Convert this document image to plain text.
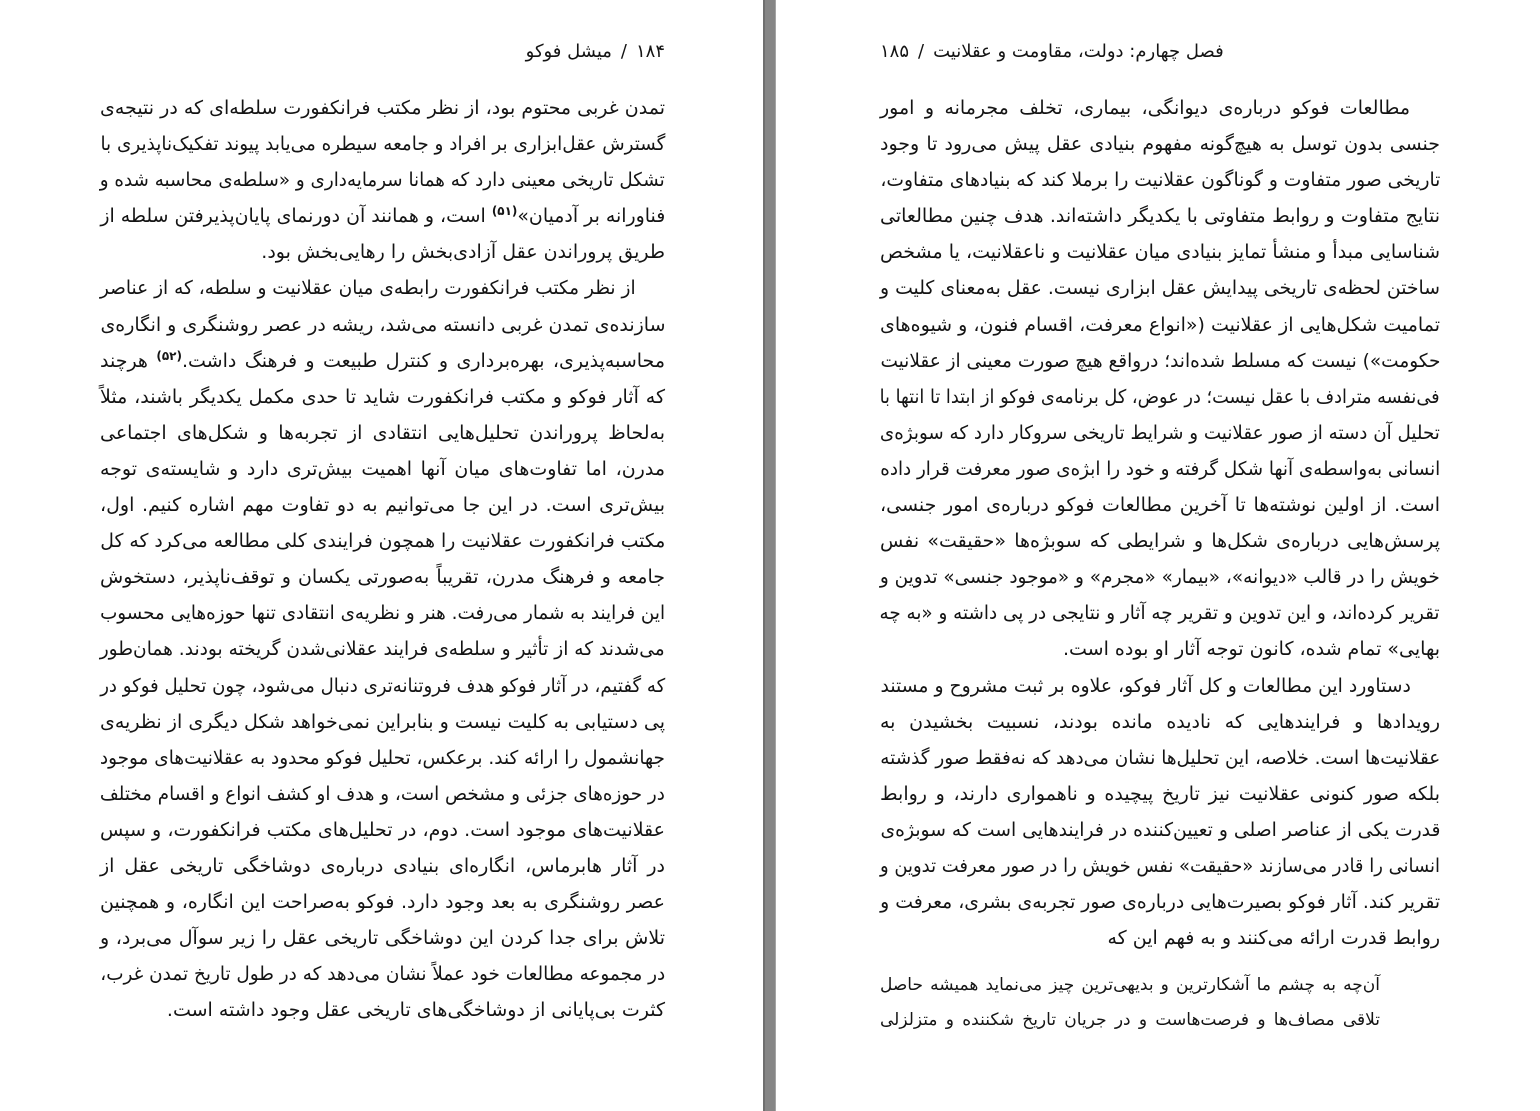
۱۸۴/میشل فوکو
تمدن غربی محتوم بود، از نظر مکتب فرانکفورت سلطه‌ای که در نتیجه‌ی
گسترش عقل‌ابزاری بر افراد و جامعه سیطره می‌یابد پیوند تفکیک‌ناپذیری با
تشکل تاریخی معینی دارد که همانا سرمایه‌داری و «سلطه‌ی محاسبه شده و
فناورانه بر آدمیان»$^{(۵۱)}$ است، و همانند آن دورنمای پایان‌پذیرفتن سلطه از
طریق پروراندن عقل آزادی‌بخش را رهایی‌بخش بود.
از نظر مکتب فرانکفورت رابطه‌ی میان عقلانیت و سلطه، که از عناصر
سازنده‌ی تمدن غربی دانسته می‌شد، ریشه در عصر روشنگری و انگاره‌ی
محاسبه‌پذیری، بهره‌برداری و کنترل طبیعت و فرهنگ داشت.$^{(۵۲)}$ هرچند
که آثار فوکو و مکتب فرانکفورت شاید تا حدی مکمل یکدیگر باشند، مثلاً
به‌لحاظ پروراندن تحلیل‌هایی انتقادی از تجربه‌ها و شکل‌های اجتماعی
مدرن، اما تفاوت‌های میان آنها اهمیت بیش‌تری دارد و شایسته‌ی توجه
بیش‌تری است. در این جا می‌توانیم به دو تفاوت مهم اشاره کنیم. اول،
مکتب فرانکفورت عقلانیت را همچون فرایندی کلی مطالعه می‌کرد که کل
جامعه و فرهنگ مدرن، تقریباً به‌صورتی یکسان و توقف‌ناپذیر، دستخوش
این فرایند به شمار می‌رفت. هنر و نظریه‌ی انتقادی تنها حوزه‌هایی محسوب
می‌شدند که از تأثیر و سلطه‌ی فرایند عقلانی‌شدن گریخته بودند. همان‌طور
که گفتیم، در آثار فوکو هدف فروتنانه‌تری دنبال می‌شود، چون تحلیل فوکو در
پی دستیابی به کلیت نیست و بنابراین نمی‌خواهد شکل دیگری از نظریه‌ی
جهانشمول را ارائه کند. برعکس، تحلیل فوکو محدود به عقلانیت‌های موجود
در حوزه‌های جزئی و مشخص است، و هدف او کشف انواع و اقسام مختلف
عقلانیت‌های موجود است. دوم، در تحلیل‌های مکتب فرانکفورت، و سپس
در آثار هابرماس، انگاره‌ای بنیادی درباره‌ی دوشاخگی تاریخی عقل از
عصر روشنگری به بعد وجود دارد. فوکو به‌صراحت این انگاره، و همچنین
تلاش برای جدا کردن این دوشاخگی تاریخی عقل را زیر سوآل می‌برد، و
در مجموعه مطالعات خود عملاً نشان می‌دهد که در طول تاریخ تمدن غرب،
کثرت بی‌پایانی از دوشاخگی‌های تاریخی عقل وجود داشته است.
فصل چهارم: دولت، مقاومت و عقلانیت/۱۸۵
مطالعات فوکو درباره‌ی دیوانگی، بیماری، تخلف مجرمانه و امور
جنسی بدون توسل به هیچ‌گونه مفهوم بنیادی عقل پیش می‌رود تا وجود
تاریخی صور متفاوت و گوناگون عقلانیت را برملا کند که بنیادهای متفاوت،
نتایج متفاوت و روابط متفاوتی با یکدیگر داشته‌اند. هدف چنین مطالعاتی
شناسایی مبدأ و منشأ تمایز بنیادی میان عقلانیت و ناعقلانیت، یا مشخص
ساختن لحظه‌ی تاریخی پیدایش عقل ابزاری نیست. عقل به‌معنای کلیت و
تمامیت شکل‌هایی از عقلانیت («انواع معرفت، اقسام فنون، و شیوه‌های
حکومت») نیست که مسلط شده‌اند؛ درواقع هیچ صورت معینی از عقلانیت
فی‌نفسه مترادف با عقل نیست؛ در عوض، کل برنامه‌ی فوکو از ابتدا تا انتها با
تحلیل آن دسته از صور عقلانیت و شرایط تاریخی سروکار دارد که سوبژه‌ی
انسانی به‌واسطه‌ی آنها شکل گرفته و خود را ابژه‌ی صور معرفت قرار داده
است. از اولین نوشته‌ها تا آخرین مطالعات فوکو درباره‌ی امور جنسی،
پرسش‌هایی درباره‌ی شکل‌ها و شرایطی که سوبژه‌ها «حقیقت» نفس
خویش را در قالب «دیوانه»، «بیمار» «مجرم» و «موجود جنسی» تدوین و
تقریر کرده‌اند، و این تدوین و تقریر چه آثار و نتایجی در پی داشته و «به چه
بهایی» تمام شده، کانون توجه آثار او بوده است.
دستاورد این مطالعات و کل آثار فوکو، علاوه بر ثبت مشروح و مستند
رویدادها و فرایندهایی که نادیده مانده بودند، نسبیت بخشیدن به
عقلانیت‌ها است. خلاصه، این تحلیل‌ها نشان می‌دهد که نه‌فقط صور گذشته
بلکه صور کنونی عقلانیت نیز تاریخ پیچیده و ناهمواری دارند، و روابط
قدرت یکی از عناصر اصلی و تعیین‌کننده در فرایندهایی است که سوبژه‌ی
انسانی را قادر می‌سازند «حقیقت» نفس خویش را در صور معرفت تدوین و
تقریر کند. آثار فوکو بصیرت‌هایی درباره‌ی صور تجربه‌ی بشری، معرفت و
روابط قدرت ارائه می‌کنند و به فهم این که
آن‌چه به چشم ما آشکارترین و بدیهی‌ترین چیز می‌نماید همیشه حاصل
تلاقی مصاف‌ها و فرصت‌هاست و در جریان تاریخ شکننده و متزلزلی
